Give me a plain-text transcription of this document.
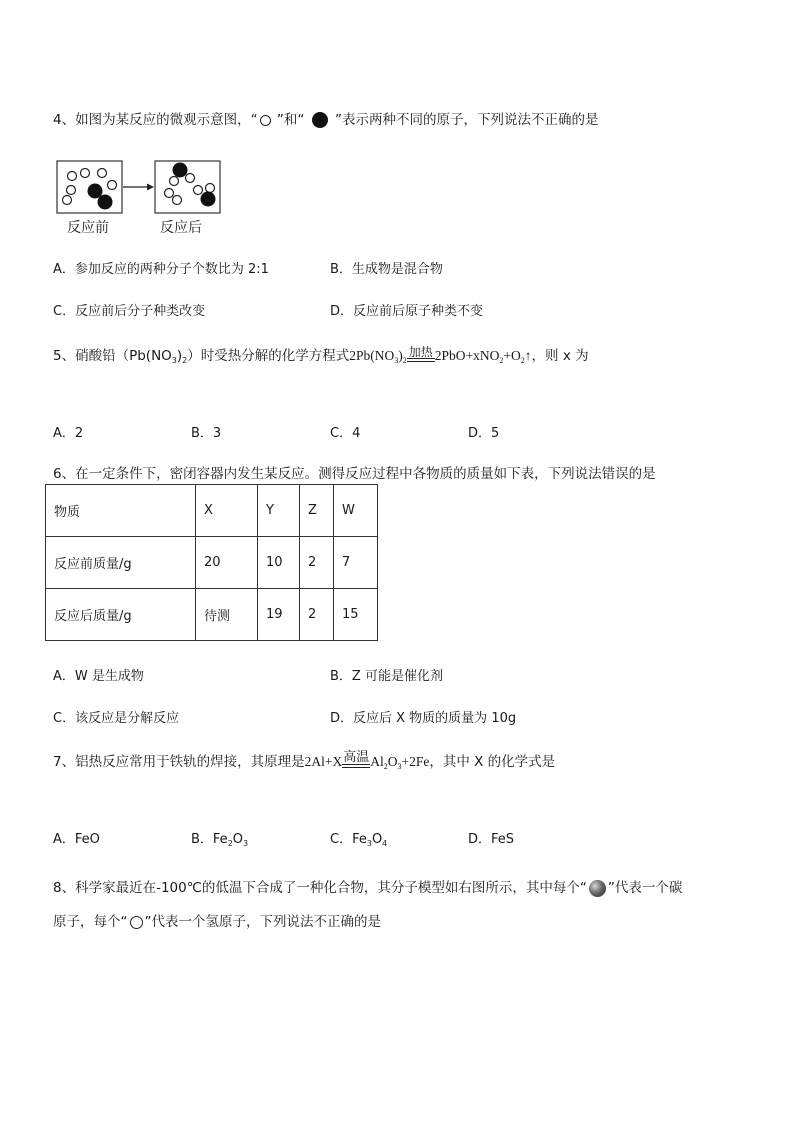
4、如图为某反应的微观示意图，“ ”和“  ”表示两种不同的原子，下列说法不正确的是
反应前	反应后
A．参加反应的两种分子个数比为 2:1	B．生成物是混合物
C．反应前后分子种类改变	D．反应前后原子种类不变
5、硝酸铅$(Pb(NO_3)_2)$时受热分解的化学方程式$2Pb(NO_3)_2$
加热 $2PbO+xNO_2+O_2↑$，则 x 为
A．2	B．3	C．4	D．5
6、在一定条件下，密闭容器内发生某反应。测得反应过程中各物质的质量如下表，下列说法错误的是
物质	X	Y	Z	W
反应前质量/g	20	10	2	7
反应后质量/g	待测	19	2	15
A．W 是生成物	B．Z 可能是催化剂
C．该反应是分解反应	D．反应后 X 物质的质量为 10g
7、铝热反应常用于铁轨的焊接，其原理是2Al+X 高温 $Al_2O_3+2Fe$，其中 X 的化学式是
A．FeO	B．$Fe_2O_3$	C．$Fe_3O_4$	D．FeS
8、科学家最近在-100℃的低温下合成了一种化合物，其分子模型如右图所示，其中每个“ ”代表一个碳
原子，每个“ ”代表一个氢原子，下列说法不正确的是
